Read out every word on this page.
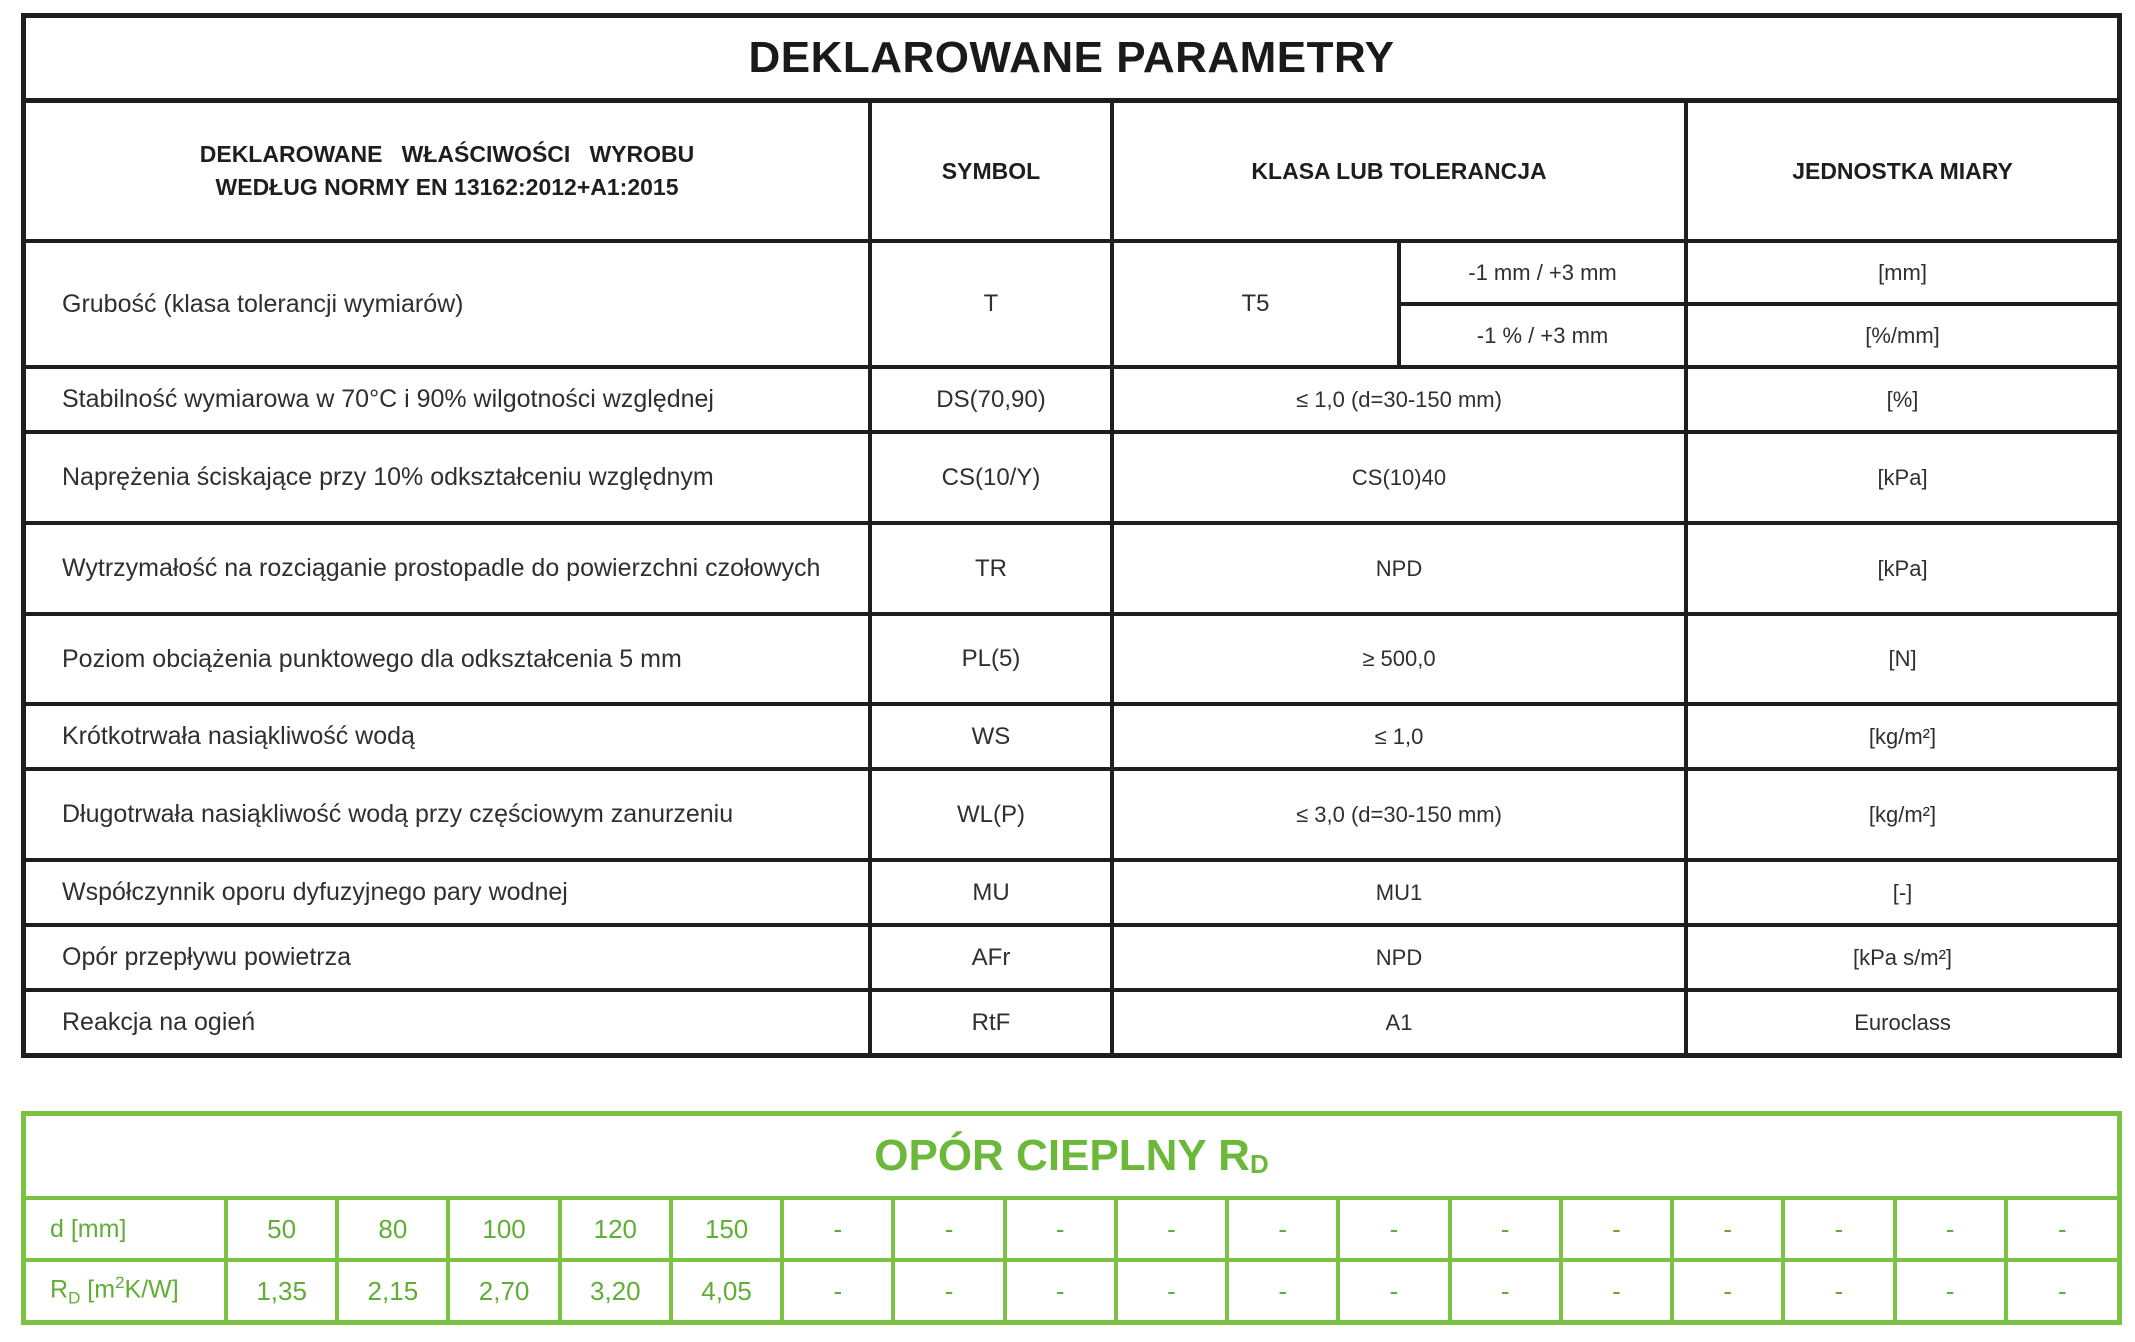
DEKLAROWANE PARAMETRY
DEKLAROWANE   WŁAŚCIWOŚCI   WYROBU
WEDŁUG NORMY EN 13162:2012+A1:2015	SYMBOL	KLASA LUB TOLERANCJA		JEDNOSTKA MIARY
Grubość (klasa tolerancji wymiarów)	T	T5	-1 mm / +3 mm	[mm]
			-1 % / +3 mm	[%/mm]
Stabilność wymiarowa w 70°C i 90% wilgotności względnej	DS(70,90)	≤ 1,0 (d=30-150 mm)		[%]
Naprężenia ściskające przy 10% odkształceniu względnym	CS(10/Y)	CS(10)40		[kPa]
Wytrzymałość na rozciąganie prostopadle do powierzchni czołowych	TR	NPD		[kPa]
Poziom obciążenia punktowego dla odkształcenia 5 mm	PL(5)	≥ 500,0		[N]
Krótkotrwała nasiąkliwość wodą	WS	≤ 1,0		[kg/m²]
Długotrwała nasiąkliwość wodą przy częściowym zanurzeniu	WL(P)	≤ 3,0 (d=30-150 mm)		[kg/m²]
Współczynnik oporu dyfuzyjnego pary wodnej	MU	MU1		[-]
Opór przepływu powietrza	AFr	NPD		[kPa s/m²]
Reakcja na ogień	RtF	A1		Euroclass
OPÓR CIEPLNY $R_D$
d [mm]	50	80	100	120	150	-	-	-	-	-	-	-	-	-	-	-	-
$R_D$ $[m^2K/W]$	1,35	2,15	2,70	3,20	4,05	-	-	-	-	-	-	-	-	-	-	-	-
